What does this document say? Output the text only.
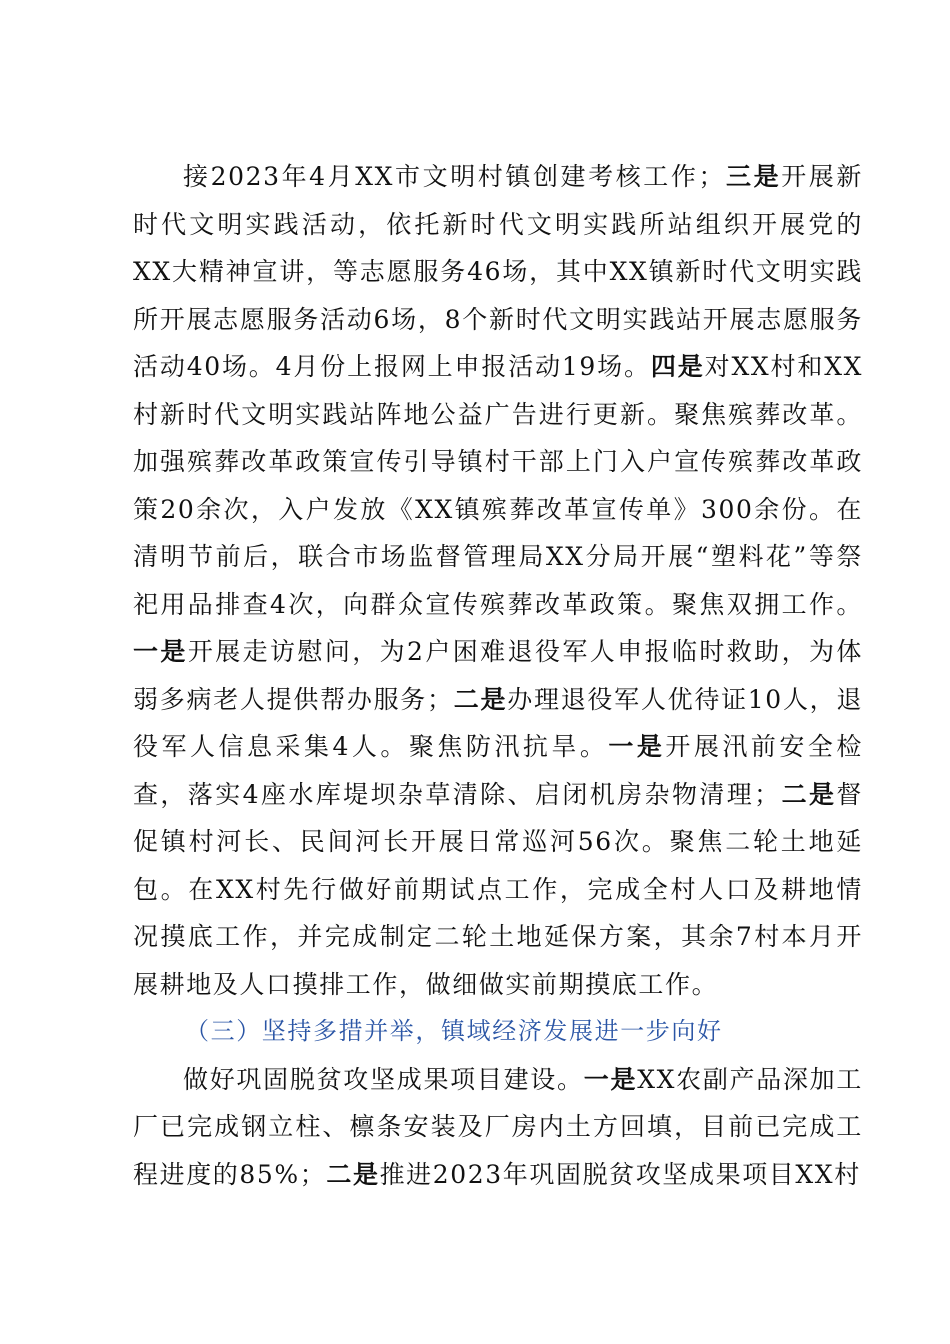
接2023年4月XX市文明村镇创建考核工作；三是开展新时代文明实践活动，依托新时代文明实践所站组织开展党的XX大精神宣讲，等志愿服务46场，其中XX镇新时代文明实践所开展志愿服务活动6场，8个新时代文明实践站开展志愿服务活动40场。4月份上报网上申报活动19场。四是对XX村和XX村新时代文明实践站阵地公益广告进行更新。聚焦殡葬改革。加强殡葬改革政策宣传引导镇村干部上门入户宣传殡葬改革政策20余次，入户发放《XX镇殡葬改革宣传单》300余份。在清明节前后，联合市场监督管理局XX分局开展“塑料花”等祭祀用品排查4次，向群众宣传殡葬改革政策。聚焦双拥工作。一是开展走访慰问，为2户困难退役军人申报临时救助，为体弱多病老人提供帮办服务；二是办理退役军人优待证10人，退役军人信息采集4人。聚焦防汛抗旱。一是开展汛前安全检查，落实4座水库堤坝杂草清除、启闭机房杂物清理；二是督促镇村河长、民间河长开展日常巡河56次。聚焦二轮土地延包。在XX村先行做好前期试点工作，完成全村人口及耕地情况摸底工作，并完成制定二轮土地延保方案，其余7村本月开展耕地及人口摸排工作，做细做实前期摸底工作。

（三）坚持多措并举，镇域经济发展进一步向好

做好巩固脱贫攻坚成果项目建设。一是XX农副产品深加工厂已完成钢立柱、檩条安装及厂房内土方回填，目前已完成工程进度的85%；二是推进2023年巩固脱贫攻坚成果项目XX村
